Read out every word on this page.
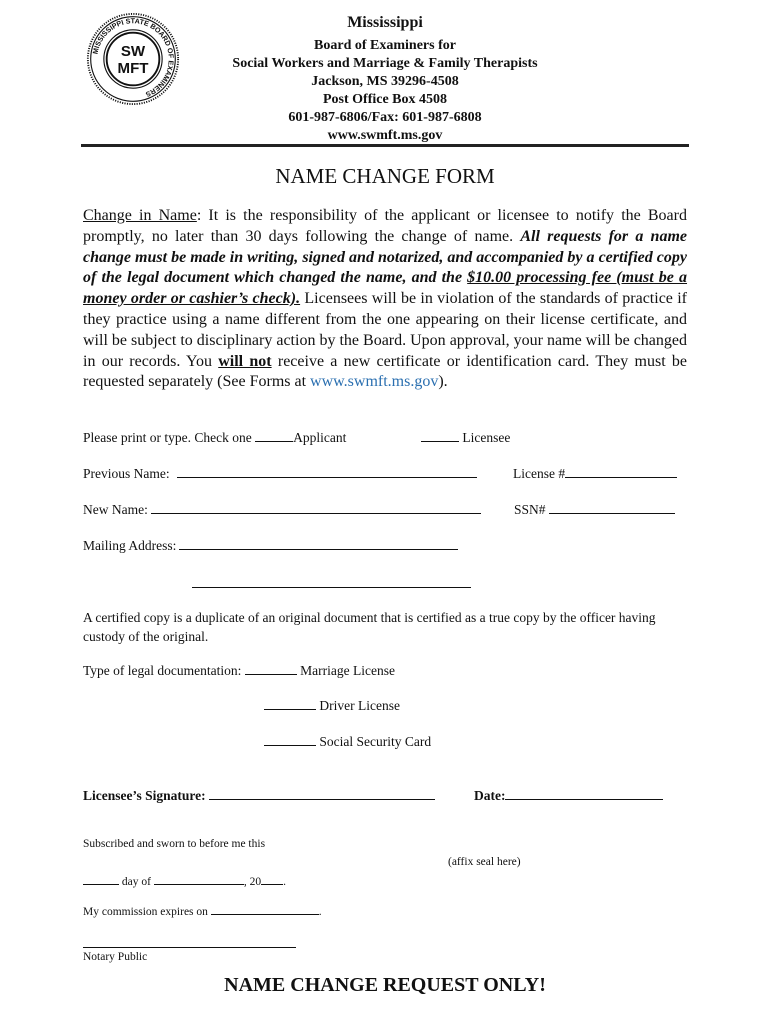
MISSISSIPPI STATE BOARD OF EXAMINERS
SW
MFT
Mississippi
Board of Examiners for
Social Workers and Marriage & Family Therapists
Jackson, MS 39296-4508
Post Office Box 4508
601-987-6806/Fax: 601-987-6808
www.swmft.ms.gov
NAME CHANGE FORM
Change in Name: It is the responsibility of the applicant or licensee to notify the Board promptly, no later than 30 days following the change of name. All requests for a name change must be made in writing, signed and notarized, and accompanied by a certified copy of the legal document which changed the name, and the $10.00 processing fee (must be a money order or cashier’s check). Licensees will be in violation of the standards of practice if they practice using a name different from the one appearing on their license certificate, and will be subject to disciplinary action by the Board. Upon approval, your name will be changed in our records. You will not receive a new certificate or identification card. They must be requested separately (See Forms at www.swmft.ms.gov).
Please print or type. Check one	Applicant	Licensee
Previous Name:	License #
New Name:	SSN#
Mailing Address:
A certified copy is a duplicate of an original document that is certified as a true copy by the officer having custody of the original.
Type of legal documentation:	Marriage License
Driver License
Social Security Card
Licensee’s Signature:	Date:
Subscribed and sworn to before me this
(affix seal here)
day of	, 20 .
My commission expires on	.
Notary Public
NAME CHANGE REQUEST ONLY!
